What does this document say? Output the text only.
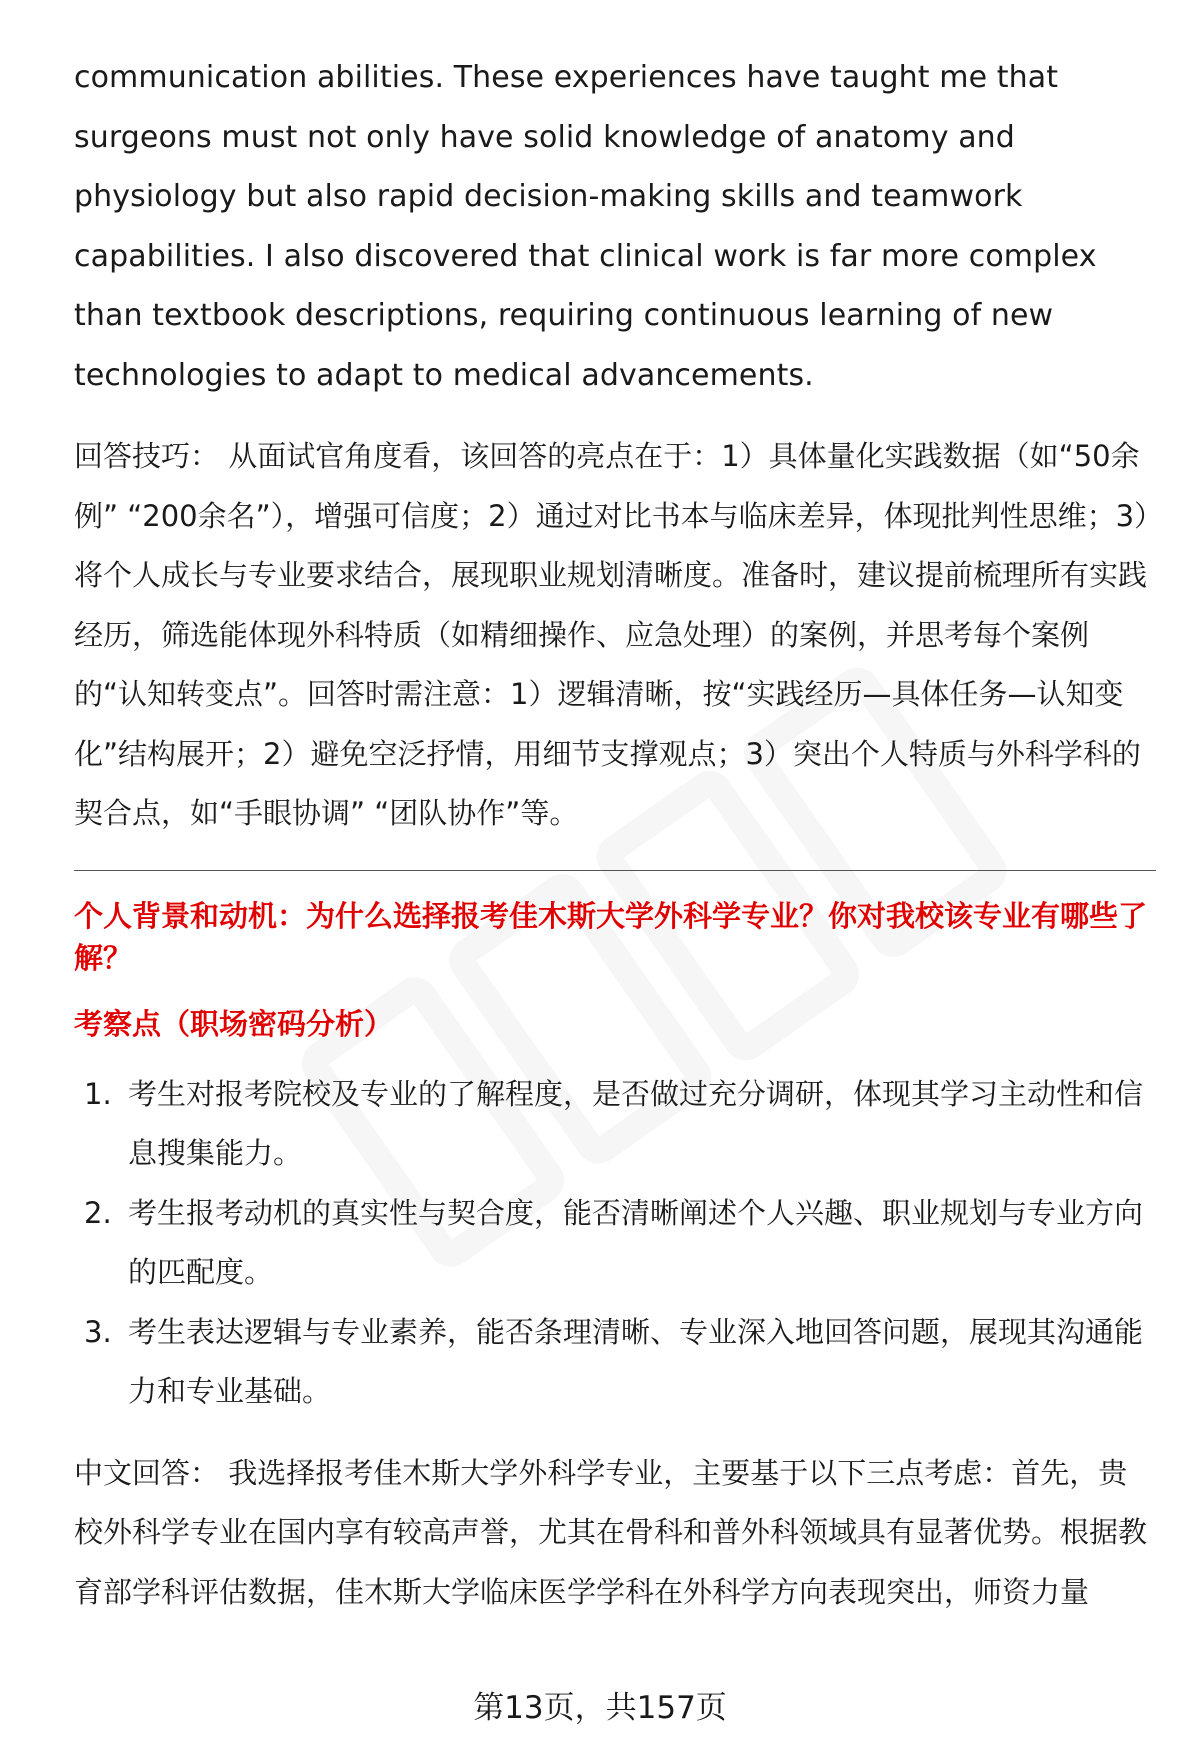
communication abilities. These experiences have taught me that surgeons must not only have solid knowledge of anatomy and physiology but also rapid decision-making skills and teamwork capabilities. I also discovered that clinical work is far more complex than textbook descriptions, requiring continuous learning of new technologies to adapt to medical advancements.

回答技巧： 从面试官角度看，该回答的亮点在于：1）具体量化实践数据（如“50余例” “200余名”），增强可信度；2）通过对比书本与临床差异，体现批判性思维；3）将个人成长与专业要求结合，展现职业规划清晰度。准备时，建议提前梳理所有实践经历，筛选能体现外科特质（如精细操作、应急处理）的案例，并思考每个案例的“认知转变点”。回答时需注意：1）逻辑清晰，按“实践经历—具体任务—认知变化”结构展开；2）避免空泛抒情，用细节支撑观点；3）突出个人特质与外科学科的契合点，如“手眼协调” “团队协作”等。

个人背景和动机：为什么选择报考佳木斯大学外科学专业？你对我校该专业有哪些了解？
考察点（职场密码分析）
1. 考生对报考院校及专业的了解程度，是否做过充分调研，体现其学习主动性和信息搜集能力。
2. 考生报考动机的真实性与契合度，能否清晰阐述个人兴趣、职业规划与专业方向的匹配度。
3. 考生表达逻辑与专业素养，能否条理清晰、专业深入地回答问题，展现其沟通能力和专业基础。

中文回答： 我选择报考佳木斯大学外科学专业，主要基于以下三点考虑：首先，贵校外科学专业在国内享有较高声誉，尤其在骨科和普外科领域具有显著优势。根据教育部学科评估数据，佳木斯大学临床医学学科在外科学方向表现突出，师资力量

第13页，共157页
